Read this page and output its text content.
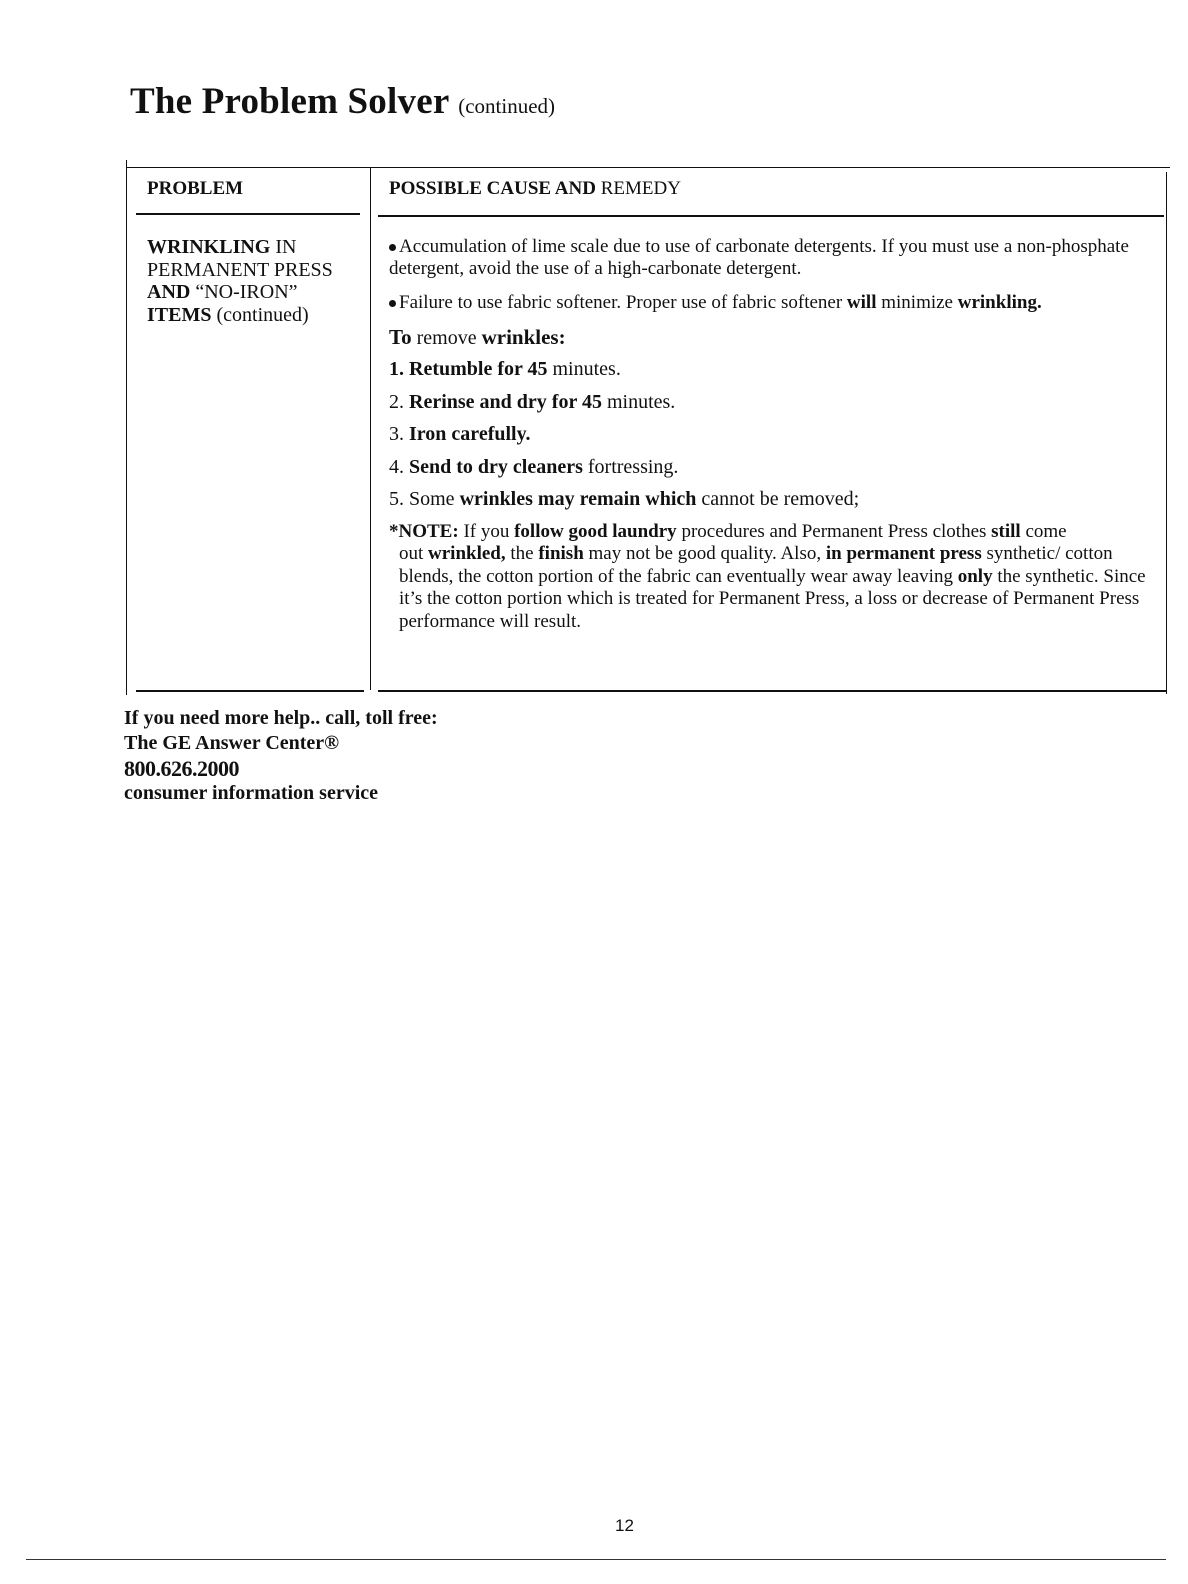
The Problem Solver (continued)
PROBLEM	POSSIBLE CAUSE AND REMEDY
WRINKLING IN
PERMANENT PRESS
AND “NO-IRON”
ITEMS (continued)

Accumulation of lime scale due to use of carbonate detergents. If you must use a non-phosphate detergent, avoid the use of a high-carbonate detergent.

Failure to use fabric softener. Proper use of fabric softener will minimize wrinkling.

To remove wrinkles:

1. Retumble for 45 minutes.

2. Rerinse and dry for 45 minutes.

3. Iron carefully.

4. Send to dry cleaners fortressing.

5. Some wrinkles may remain which cannot be removed;

*NOTE: If you follow good laundry procedures and Permanent Press clothes still come
out wrinkled, the finish may not be good quality. Also, in permanent press synthetic/ cotton blends, the cotton portion of the fabric can eventually wear away leaving only the synthetic. Since it’s the cotton portion which is treated for Permanent Press, a loss or decrease of Permanent Press performance will result.

If you need more help.. call, toll free:
The GE Answer Center®
800.626.2000
consumer information service
12
